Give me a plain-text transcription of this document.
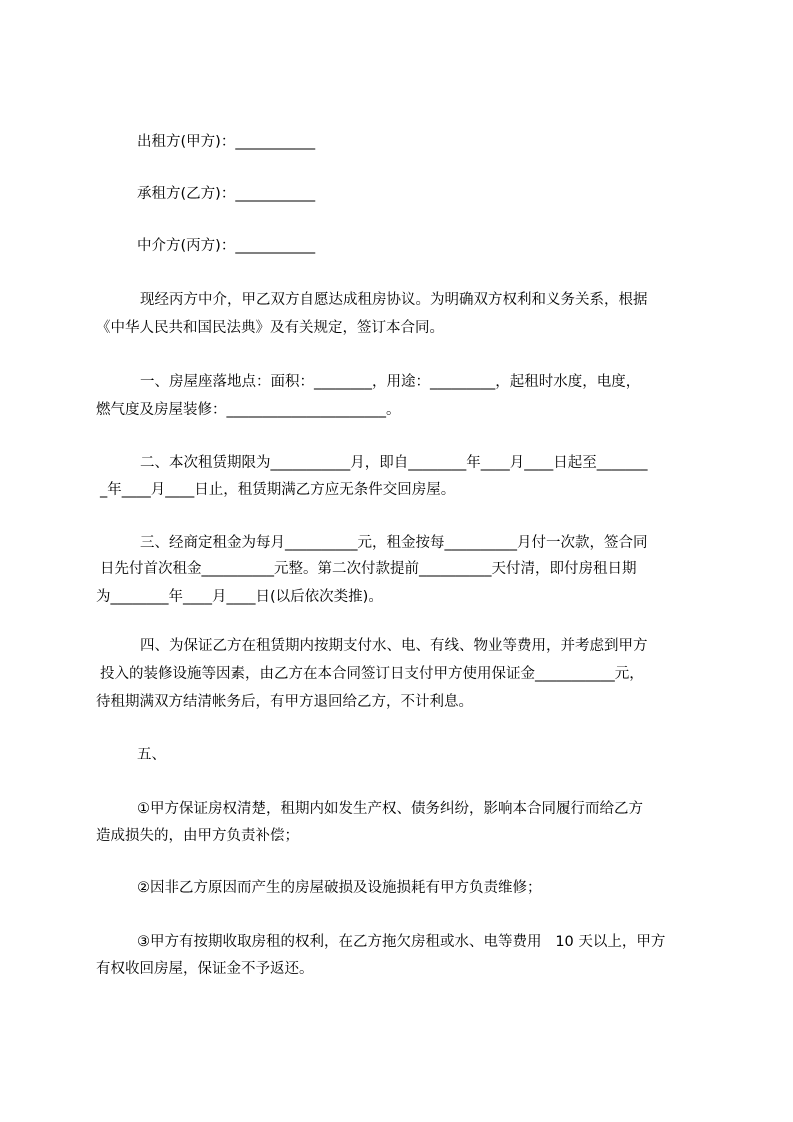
出租方(甲方)：___________
承租方(乙方)：___________
中介方(丙方)：___________
现经丙方中介，甲乙双方自愿达成租房协议。为明确双方权利和义务关系，根据
《中华人民共和国民法典》及有关规定，签订本合同。
一、房屋座落地点：面积：________，用途：_________，起租时水度，电度，
燃气度及房屋装修：______________________。
二、本次租赁期限为___________月，即自________年____月____日起至_______
_年____月____日止，租赁期满乙方应无条件交回房屋。
三、经商定租金为每月__________元，租金按每__________月付一次款，签合同
日先付首次租金__________元整。第二次付款提前__________天付清，即付房租日期
为________年____月____日(以后依次类推)。
四、为保证乙方在租赁期内按期支付水、电、有线、物业等费用，并考虑到甲方
投入的装修设施等因素，由乙方在本合同签订日支付甲方使用保证金___________元，
待租期满双方结清帐务后，有甲方退回给乙方，不计利息。
五、
①甲方保证房权清楚，租期内如发生产权、债务纠纷，影响本合同履行而给乙方
造成损失的，由甲方负责补偿；
②因非乙方原因而产生的房屋破损及设施损耗有甲方负责维修；
③甲方有按期收取房租的权利，在乙方拖欠房租或水、电等费用   10 天以上，甲方
有权收回房屋，保证金不予返还。
